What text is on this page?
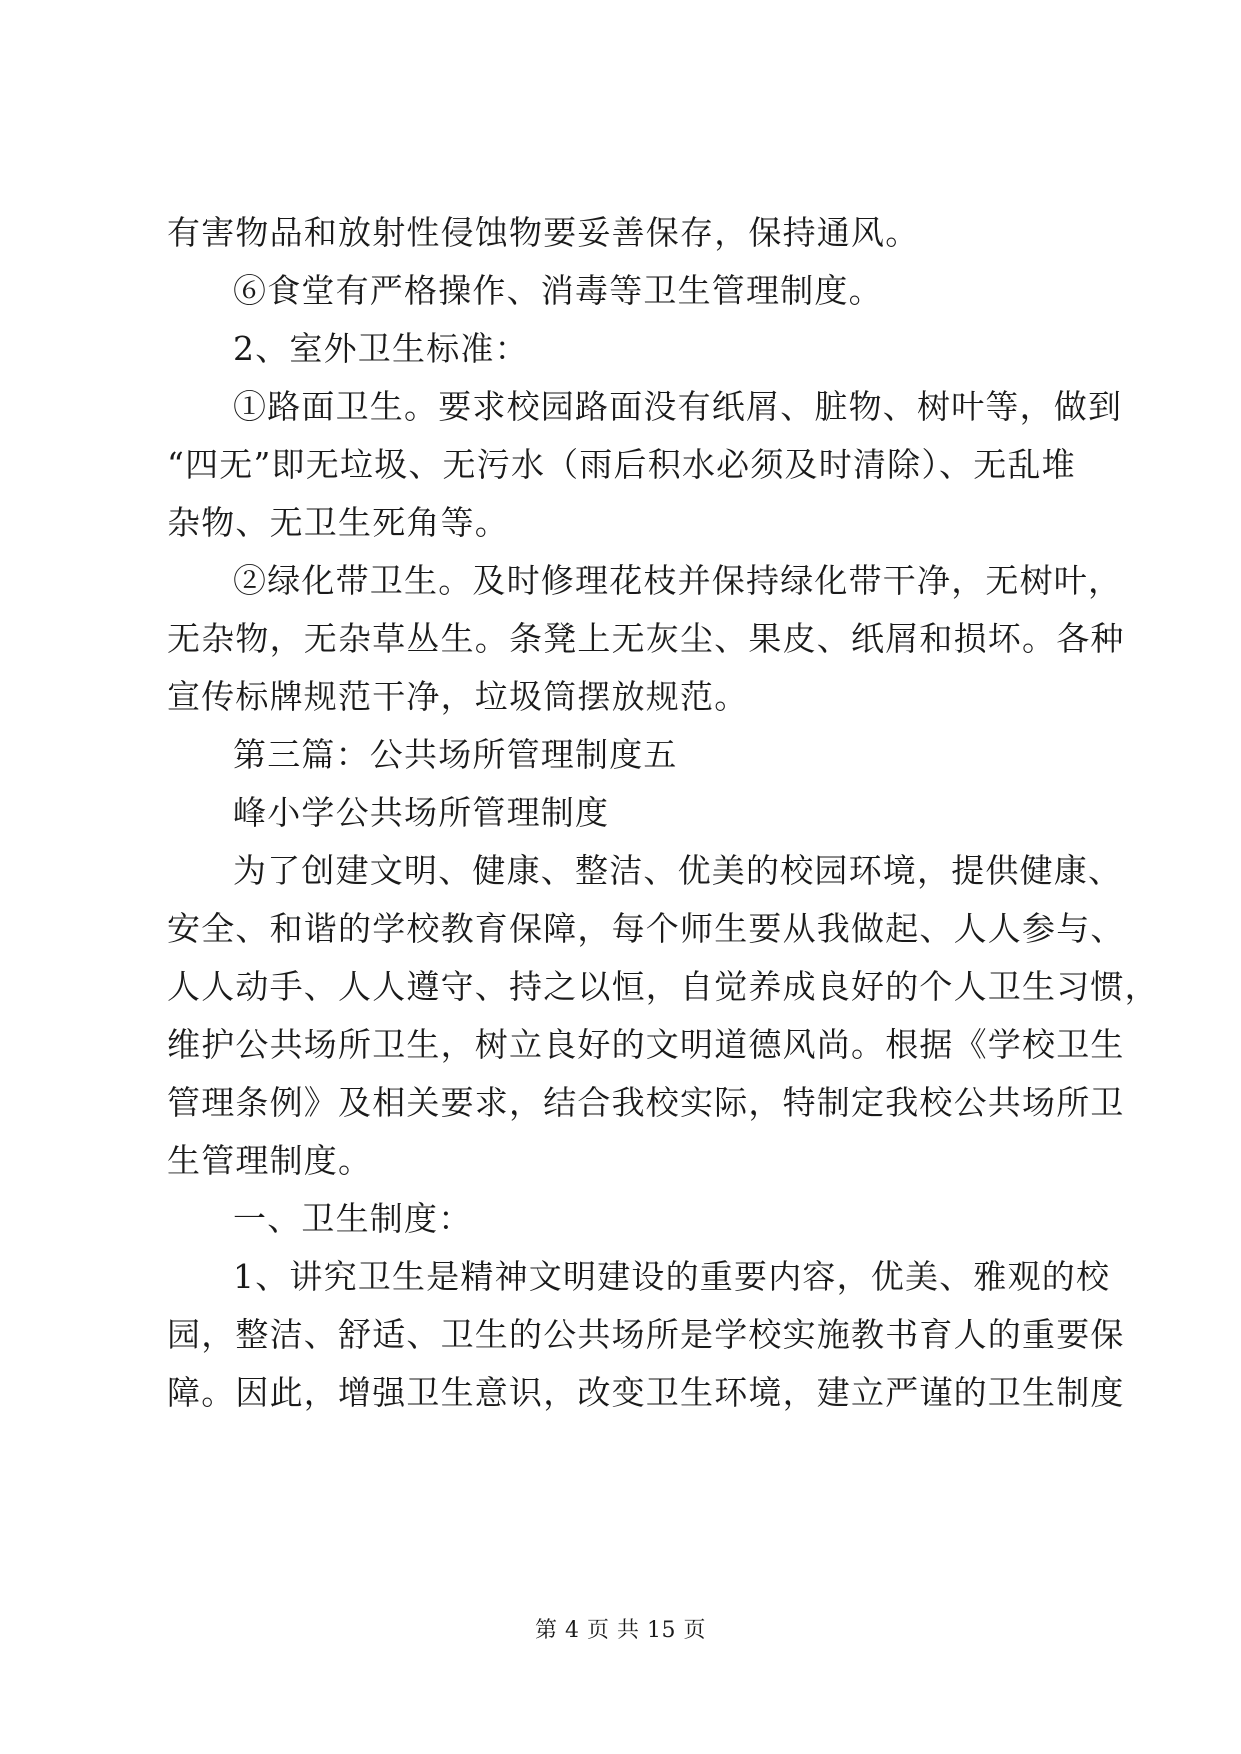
有害物品和放射性侵蚀物要妥善保存，保持通风。
⑥食堂有严格操作、消毒等卫生管理制度。
2、室外卫生标准：
①路面卫生。要求校园路面没有纸屑、脏物、树叶等，做到
“四无”即无垃圾、无污水（雨后积水必须及时清除）、无乱堆
杂物、无卫生死角等。
②绿化带卫生。及时修理花枝并保持绿化带干净，无树叶，
无杂物，无杂草丛生。条凳上无灰尘、果皮、纸屑和损坏。各种
宣传标牌规范干净，垃圾筒摆放规范。
第三篇：公共场所管理制度五
峰小学公共场所管理制度
为了创建文明、健康、整洁、优美的校园环境，提供健康、
安全、和谐的学校教育保障，每个师生要从我做起、人人参与、
人人动手、人人遵守、持之以恒，自觉养成良好的个人卫生习惯，
维护公共场所卫生，树立良好的文明道德风尚。根据《学校卫生
管理条例》及相关要求，结合我校实际，特制定我校公共场所卫
生管理制度。
一、卫生制度：
1、讲究卫生是精神文明建设的重要内容，优美、雅观的校
园，整洁、舒适、卫生的公共场所是学校实施教书育人的重要保
障。因此，增强卫生意识，改变卫生环境，建立严谨的卫生制度
第 4 页 共 15 页
